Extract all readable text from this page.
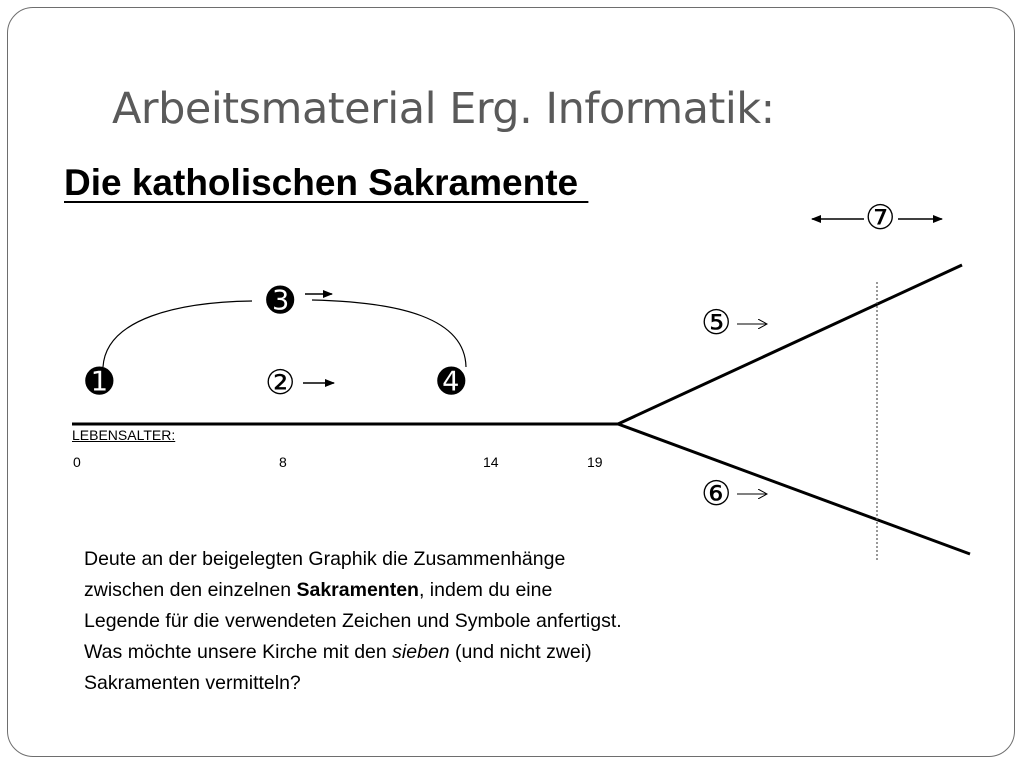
Arbeitsmaterial Erg. Informatik:
Die katholischen Sakramente
➊	②
➌
➍
⑤
⑥
⑦
LEBENSALTER:
0	8	14	19

Deute an der beigelegten Graphik die Zusammenhänge

zwischen den einzelnen Sakramenten, indem du eine

Legende für die verwendeten Zeichen und Symbole anfertigst.

Was möchte unsere Kirche mit den sieben (und nicht zwei)

Sakramenten vermitteln?
